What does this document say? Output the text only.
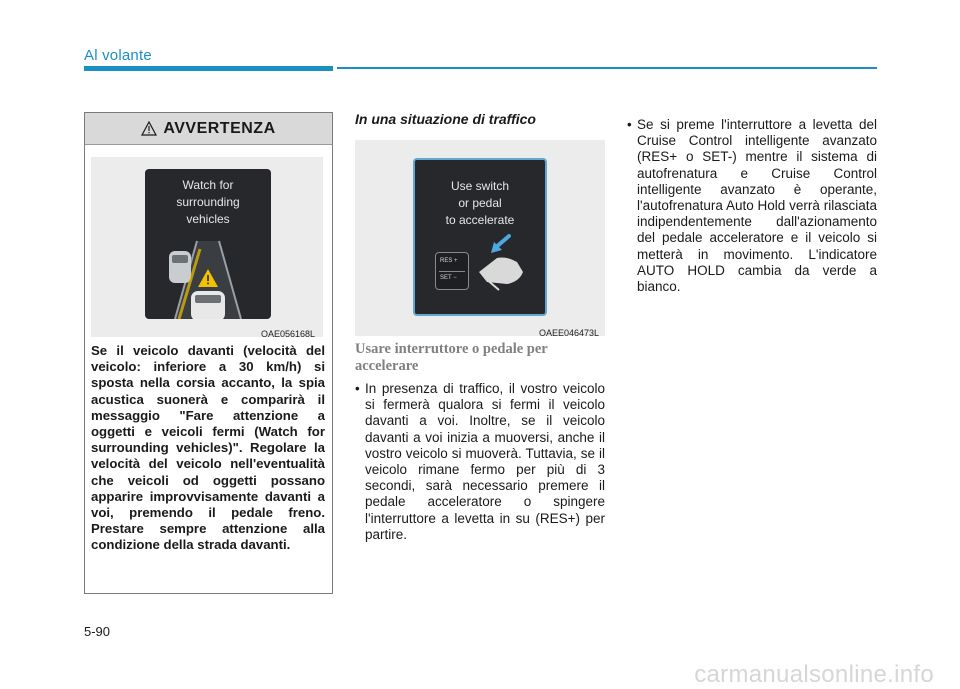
Al volante
AVVERTENZA
Watch for
surrounding
vehicles
OAE056168L
Se il veicolo davanti (velocità del veicolo: inferiore a 30 km/h) si sposta nella corsia accanto, la spia acustica suonerà e comparirà il messaggio "Fare attenzione a oggetti e veicoli fermi (Watch for surrounding vehicles)". Regolare la velocità del veicolo nell'eventualità che veicoli od oggetti possano apparire improvvisamente davanti a voi, premendo il pedale freno. Prestare sempre attenzione alla condizione della strada davanti.
In una situazione di traffico
Use switch
or pedal
to accelerate
RES +
SET −
OAEE046473L
Usare interruttore o pedale per accelerare
• In presenza di traffico, il vostro veicolo si fermerà qualora si fermi il veicolo davanti a voi. Inoltre, se il veicolo davanti a voi inizia a muoversi, anche il vostro veicolo si muoverà. Tuttavia, se il veicolo rimane fermo per più di 3 secondi, sarà necessario premere il pedale acceleratore o spingere l'interruttore a levetta in su (RES+) per partire.
• Se si preme l'interruttore a levetta del Cruise Control intelligente avanzato (RES+ o SET-) mentre il sistema di autofrenatura e Cruise Control intelligente avanzato è operante, l'autofrenatura Auto Hold verrà rilasciata indipendentemente dall'azionamento del pedale acceleratore e il veicolo si metterà in movimento. L'indicatore AUTO HOLD cambia da verde a bianco.
5-90
carmanualsonline.info
